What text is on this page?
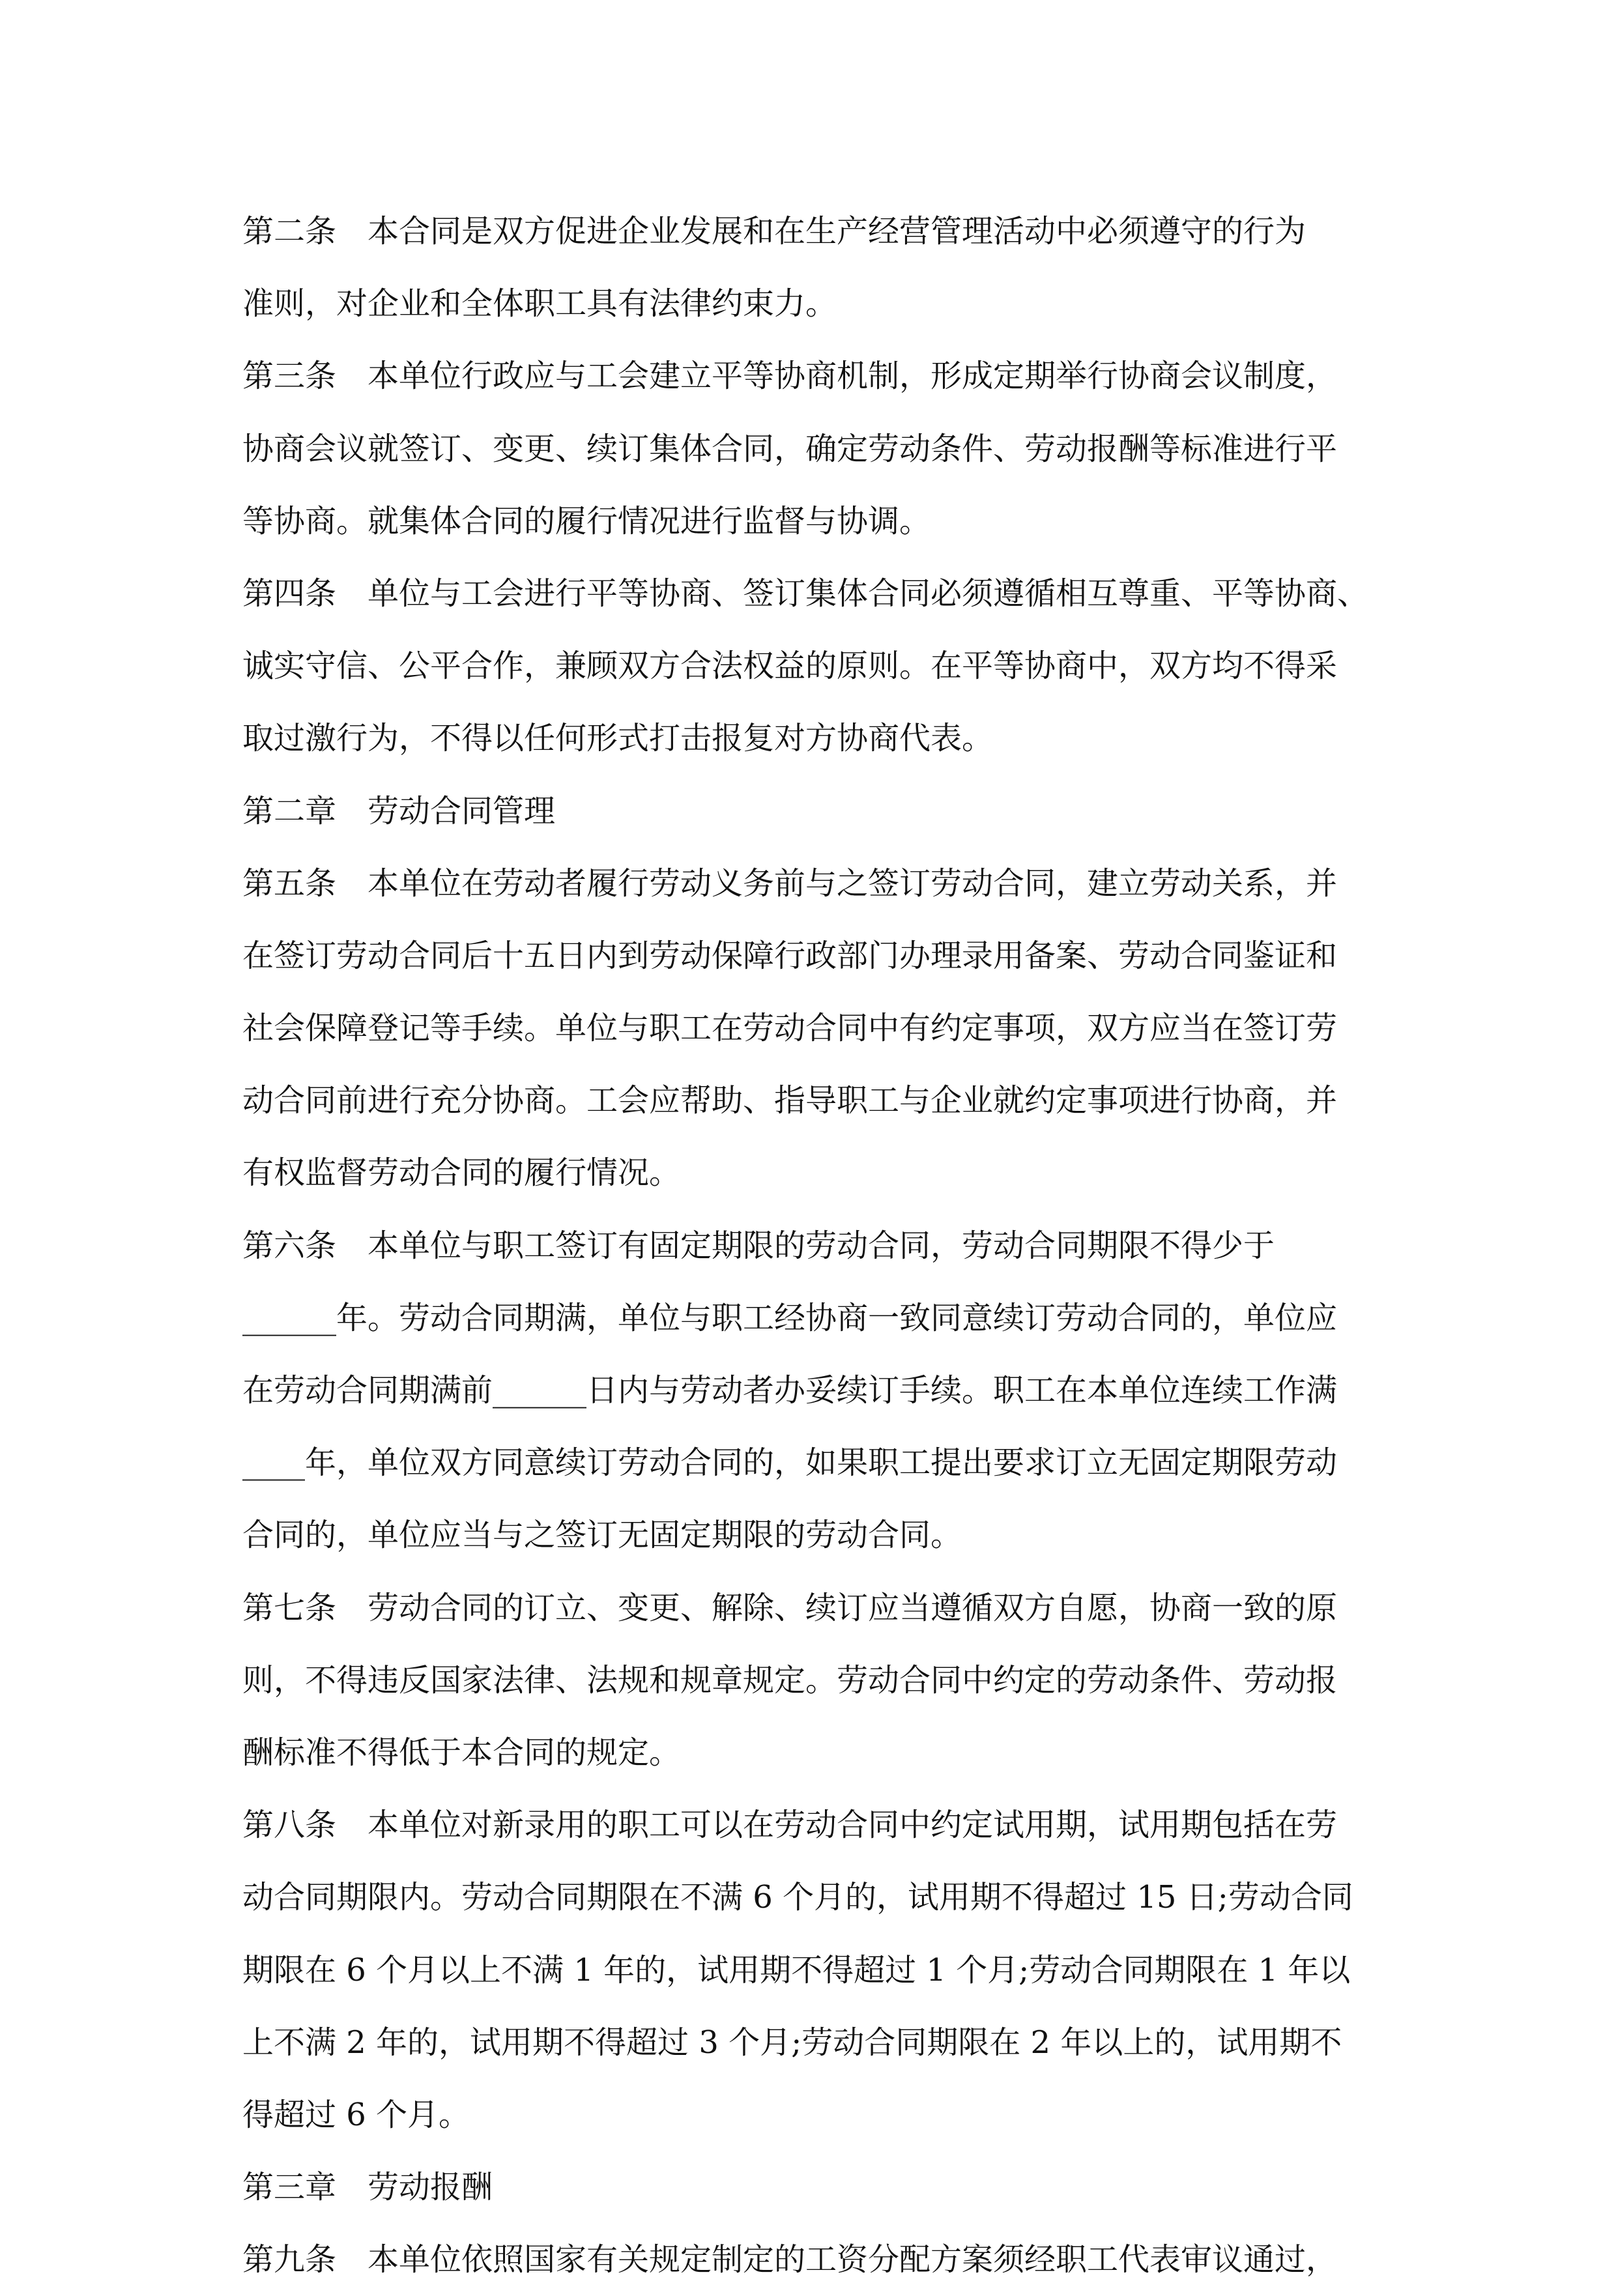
第二条　本合同是双方促进企业发展和在生产经营管理活动中必须遵守的行为
准则，对企业和全体职工具有法律约束力。
第三条　本单位行政应与工会建立平等协商机制，形成定期举行协商会议制度，
协商会议就签订、变更、续订集体合同，确定劳动条件、劳动报酬等标准进行平
等协商。就集体合同的履行情况进行监督与协调。
第四条　单位与工会进行平等协商、签订集体合同必须遵循相互尊重、平等协商、
诚实守信、公平合作，兼顾双方合法权益的原则。在平等协商中，双方均不得采
取过激行为，不得以任何形式打击报复对方协商代表。
第二章　劳动合同管理
第五条　本单位在劳动者履行劳动义务前与之签订劳动合同，建立劳动关系，并
在签订劳动合同后十五日内到劳动保障行政部门办理录用备案、劳动合同鉴证和
社会保障登记等手续。单位与职工在劳动合同中有约定事项，双方应当在签订劳
动合同前进行充分协商。工会应帮助、指导职工与企业就约定事项进行协商，并
有权监督劳动合同的履行情况。
第六条　本单位与职工签订有固定期限的劳动合同，劳动合同期限不得少于
______年。劳动合同期满，单位与职工经协商一致同意续订劳动合同的，单位应
在劳动合同期满前______日内与劳动者办妥续订手续。职工在本单位连续工作满
____年，单位双方同意续订劳动合同的，如果职工提出要求订立无固定期限劳动
合同的，单位应当与之签订无固定期限的劳动合同。
第七条　劳动合同的订立、变更、解除、续订应当遵循双方自愿，协商一致的原
则，不得违反国家法律、法规和规章规定。劳动合同中约定的劳动条件、劳动报
酬标准不得低于本合同的规定。
第八条　本单位对新录用的职工可以在劳动合同中约定试用期，试用期包括在劳
动合同期限内。劳动合同期限在不满 6 个月的，试用期不得超过 15 日;劳动合同
期限在 6 个月以上不满 1 年的，试用期不得超过 1 个月;劳动合同期限在 1 年以
上不满 2 年的，试用期不得超过 3 个月;劳动合同期限在 2 年以上的，试用期不
得超过 6 个月。
第三章　劳动报酬
第九条　本单位依照国家有关规定制定的工资分配方案须经职工代表审议通过，
